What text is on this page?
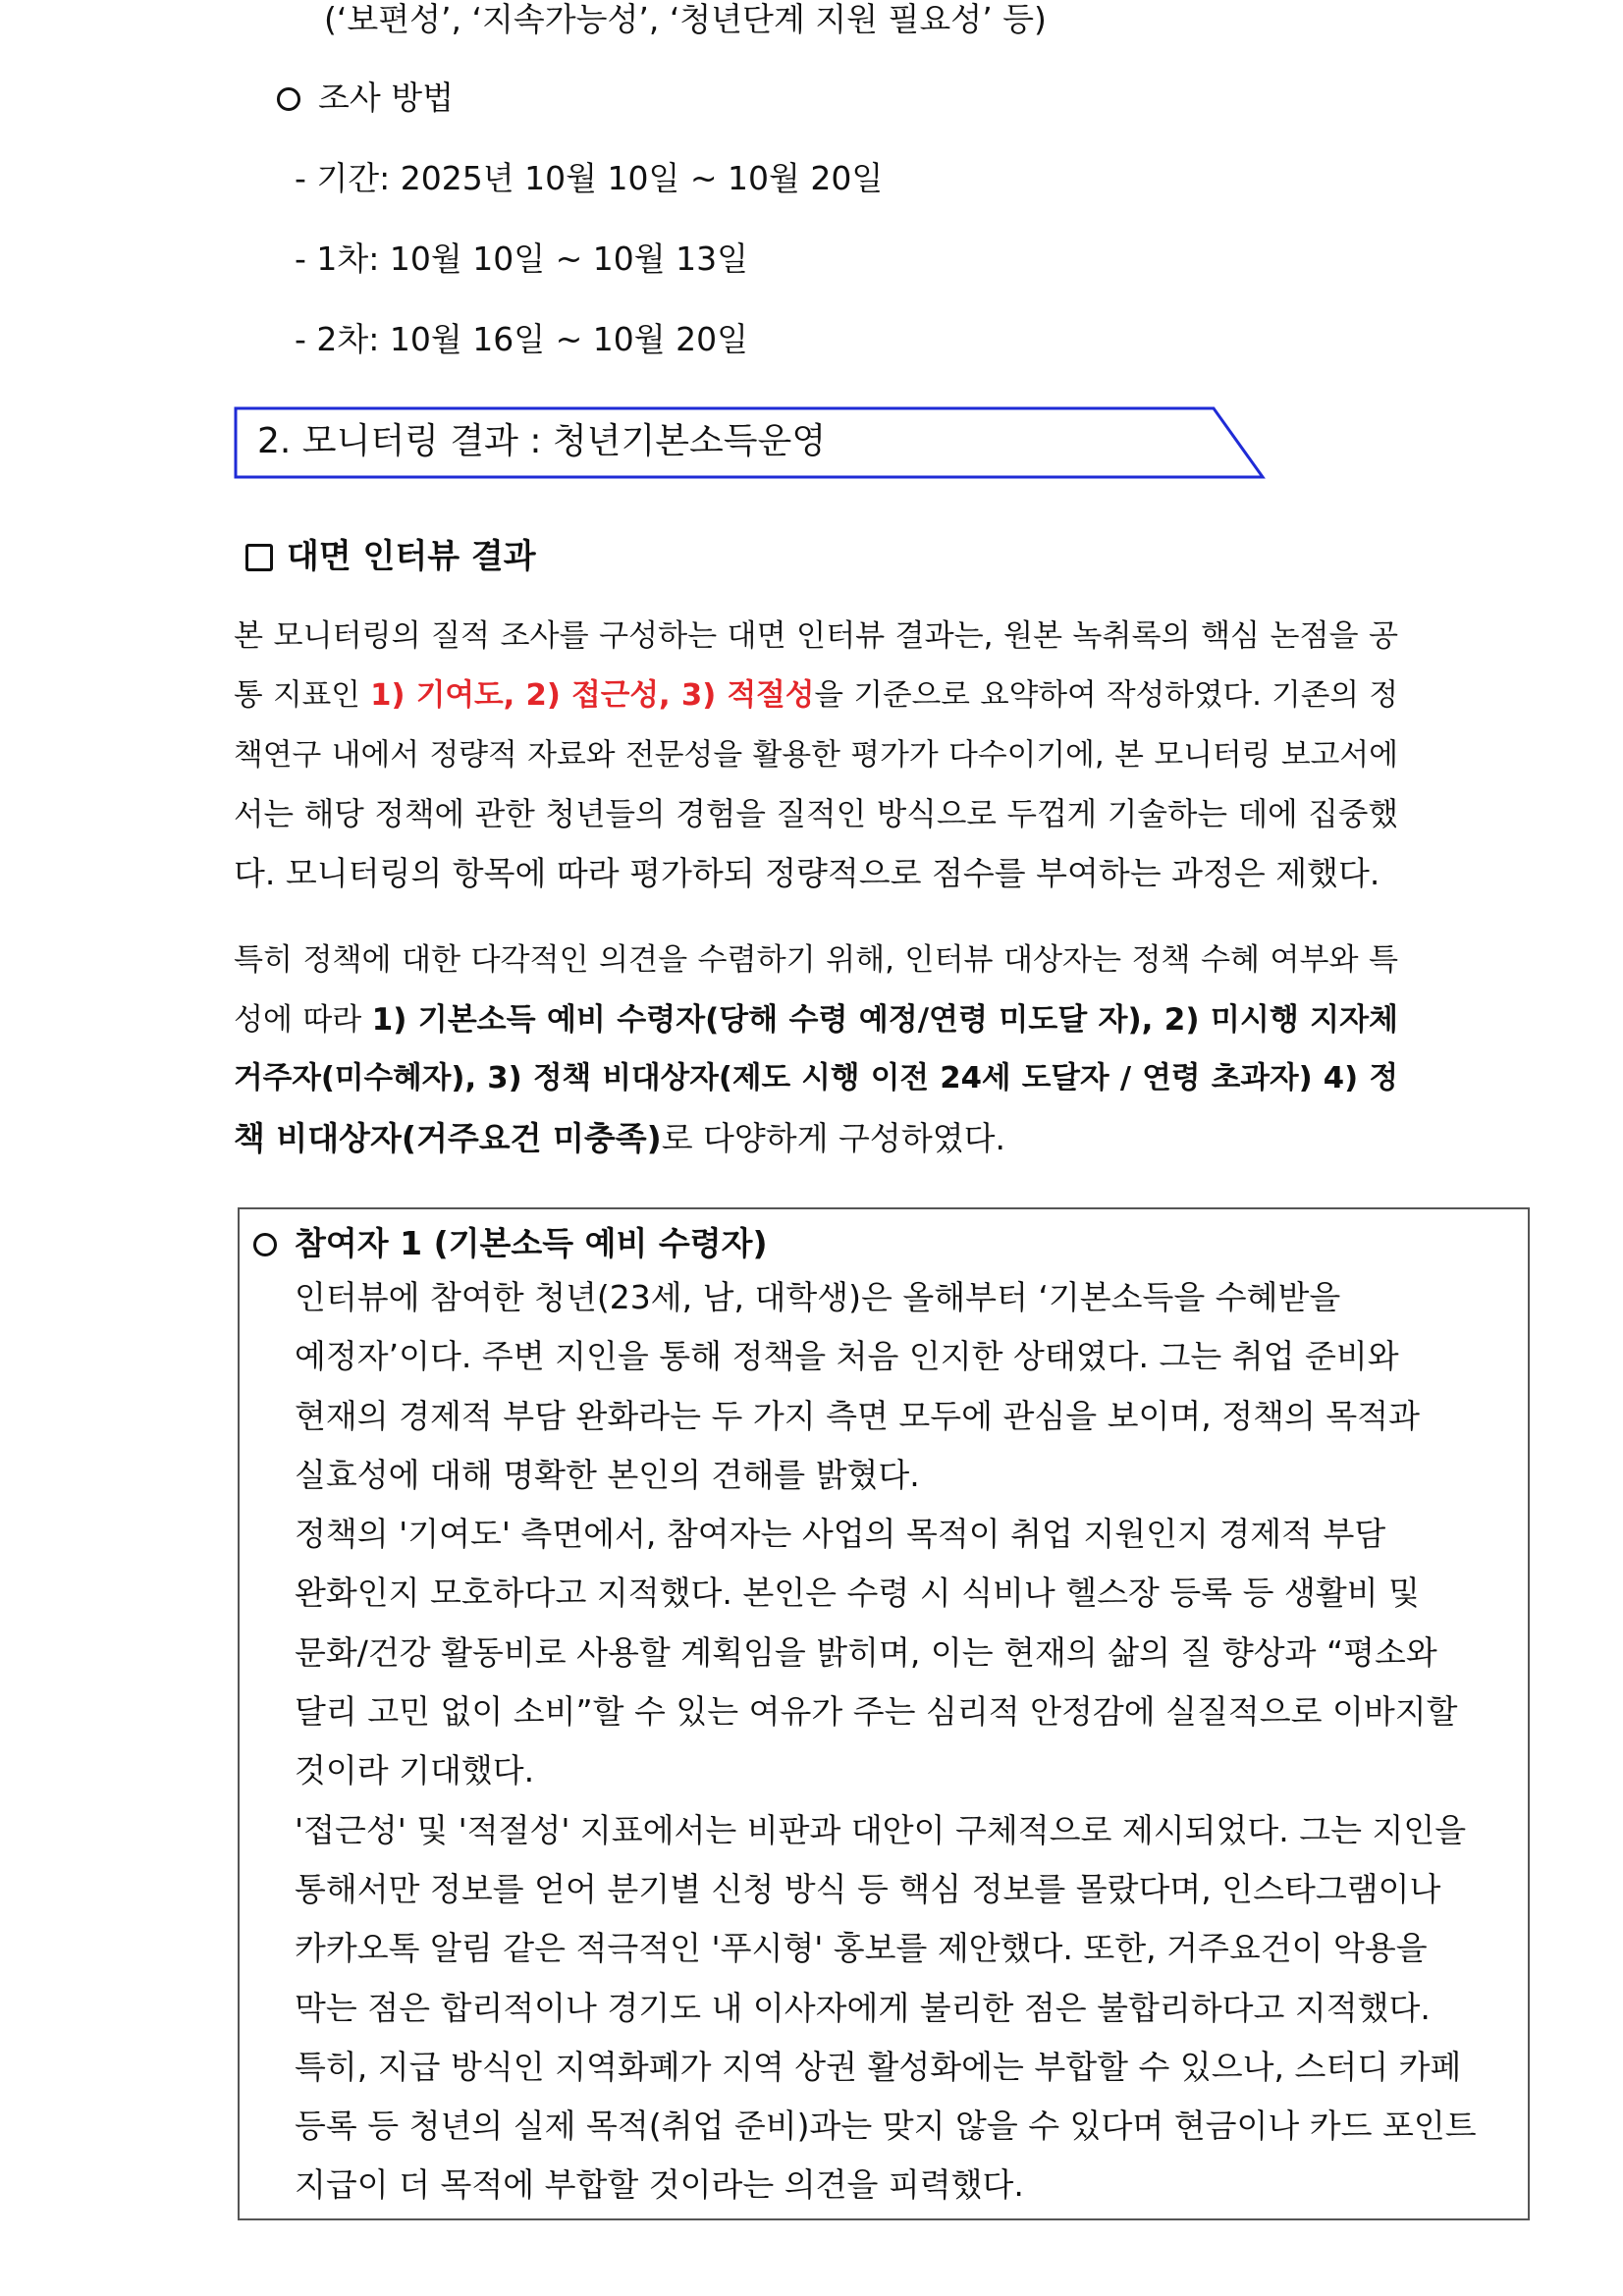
(‘보편성’, ‘지속가능성’, ‘청년단계 지원 필요성’ 등)
조사 방법
- 기간: 2025년 10월 10일 ~ 10월 20일
- 1차: 10월 10일 ~ 10월 13일
- 2차: 10월 16일 ~ 10월 20일
2. 모니터링 결과 : 청년기본소득운영
대면 인터뷰 결과
본 모니터링의 질적 조사를 구성하는 대면 인터뷰 결과는, 원본 녹취록의 핵심 논점을 공
통 지표인 1) 기여도, 2) 접근성, 3) 적절성을 기준으로 요약하여 작성하였다. 기존의 정
책연구 내에서 정량적 자료와 전문성을 활용한 평가가 다수이기에, 본 모니터링 보고서에
서는 해당 정책에 관한 청년들의 경험을 질적인 방식으로 두껍게 기술하는 데에 집중했
다. 모니터링의 항목에 따라 평가하되 정량적으로 점수를 부여하는 과정은 제했다.
특히 정책에 대한 다각적인 의견을 수렴하기 위해, 인터뷰 대상자는 정책 수혜 여부와 특
성에 따라 1) 기본소득 예비 수령자(당해 수령 예정/연령 미도달 자), 2) 미시행 지자체
거주자(미수혜자), 3) 정책 비대상자(제도 시행 이전 24세 도달자 / 연령 초과자) 4) 정
책 비대상자(거주요건 미충족)로 다양하게 구성하였다.
참여자 1 (기본소득 예비 수령자)
인터뷰에 참여한 청년(23세, 남, 대학생)은 올해부터 ‘기본소득을 수혜받을
예정자’이다. 주변 지인을 통해 정책을 처음 인지한 상태였다. 그는 취업 준비와
현재의 경제적 부담 완화라는 두 가지 측면 모두에 관심을 보이며, 정책의 목적과
실효성에 대해 명확한 본인의 견해를 밝혔다.
정책의 '기여도' 측면에서, 참여자는 사업의 목적이 취업 지원인지 경제적 부담
완화인지 모호하다고 지적했다. 본인은 수령 시 식비나 헬스장 등록 등 생활비 및
문화/건강 활동비로 사용할 계획임을 밝히며, 이는 현재의 삶의 질 향상과 “평소와
달리 고민 없이 소비”할 수 있는 여유가 주는 심리적 안정감에 실질적으로 이바지할
것이라 기대했다.
'접근성' 및 '적절성' 지표에서는 비판과 대안이 구체적으로 제시되었다. 그는 지인을
통해서만 정보를 얻어 분기별 신청 방식 등 핵심 정보를 몰랐다며, 인스타그램이나
카카오톡 알림 같은 적극적인 '푸시형' 홍보를 제안했다. 또한, 거주요건이 악용을
막는 점은 합리적이나 경기도 내 이사자에게 불리한 점은 불합리하다고 지적했다.
특히, 지급 방식인 지역화폐가 지역 상권 활성화에는 부합할 수 있으나, 스터디 카페
등록 등 청년의 실제 목적(취업 준비)과는 맞지 않을 수 있다며 현금이나 카드 포인트
지급이 더 목적에 부합할 것이라는 의견을 피력했다.
